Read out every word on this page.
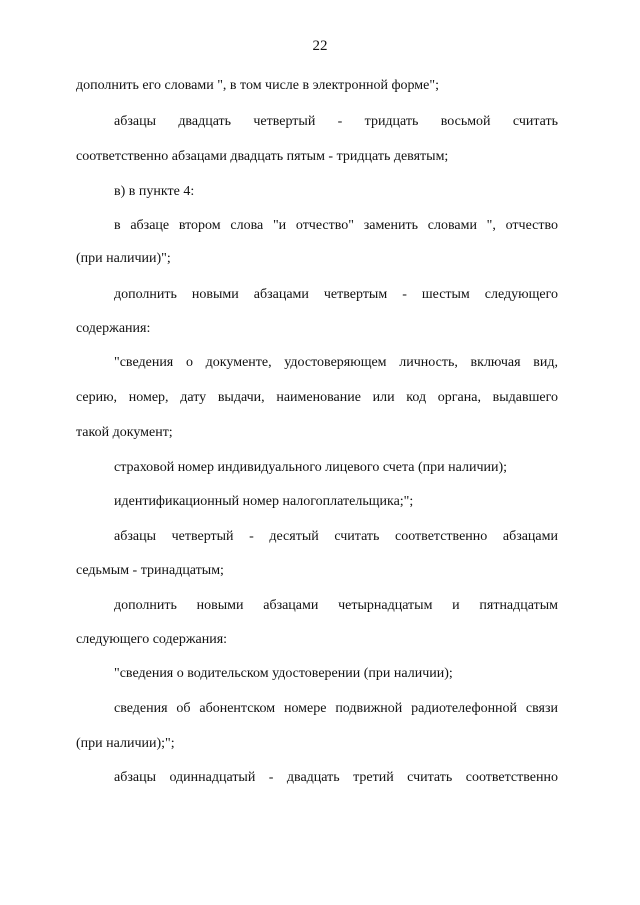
22
дополнить его словами ", в том числе в электронной форме";
абзацы двадцать четвертый - тридцать восьмой считать
соответственно абзацами двадцать пятым - тридцать девятым;
в) в пункте 4:
в абзаце втором слова "и отчество" заменить словами ", отчество
(при наличии)";
дополнить новыми абзацами четвертым - шестым следующего
содержания:
"сведения о документе, удостоверяющем личность, включая вид,
серию, номер, дату выдачи, наименование или код органа, выдавшего
такой документ;
страховой номер индивидуального лицевого счета (при наличии);
идентификационный номер налогоплательщика;";
абзацы четвертый - десятый считать соответственно абзацами
седьмым - тринадцатым;
дополнить новыми абзацами четырнадцатым и пятнадцатым
следующего содержания:
"сведения о водительском удостоверении (при наличии);
сведения об абонентском номере подвижной радиотелефонной связи
(при наличии);";
абзацы одиннадцатый - двадцать третий считать соответственно
